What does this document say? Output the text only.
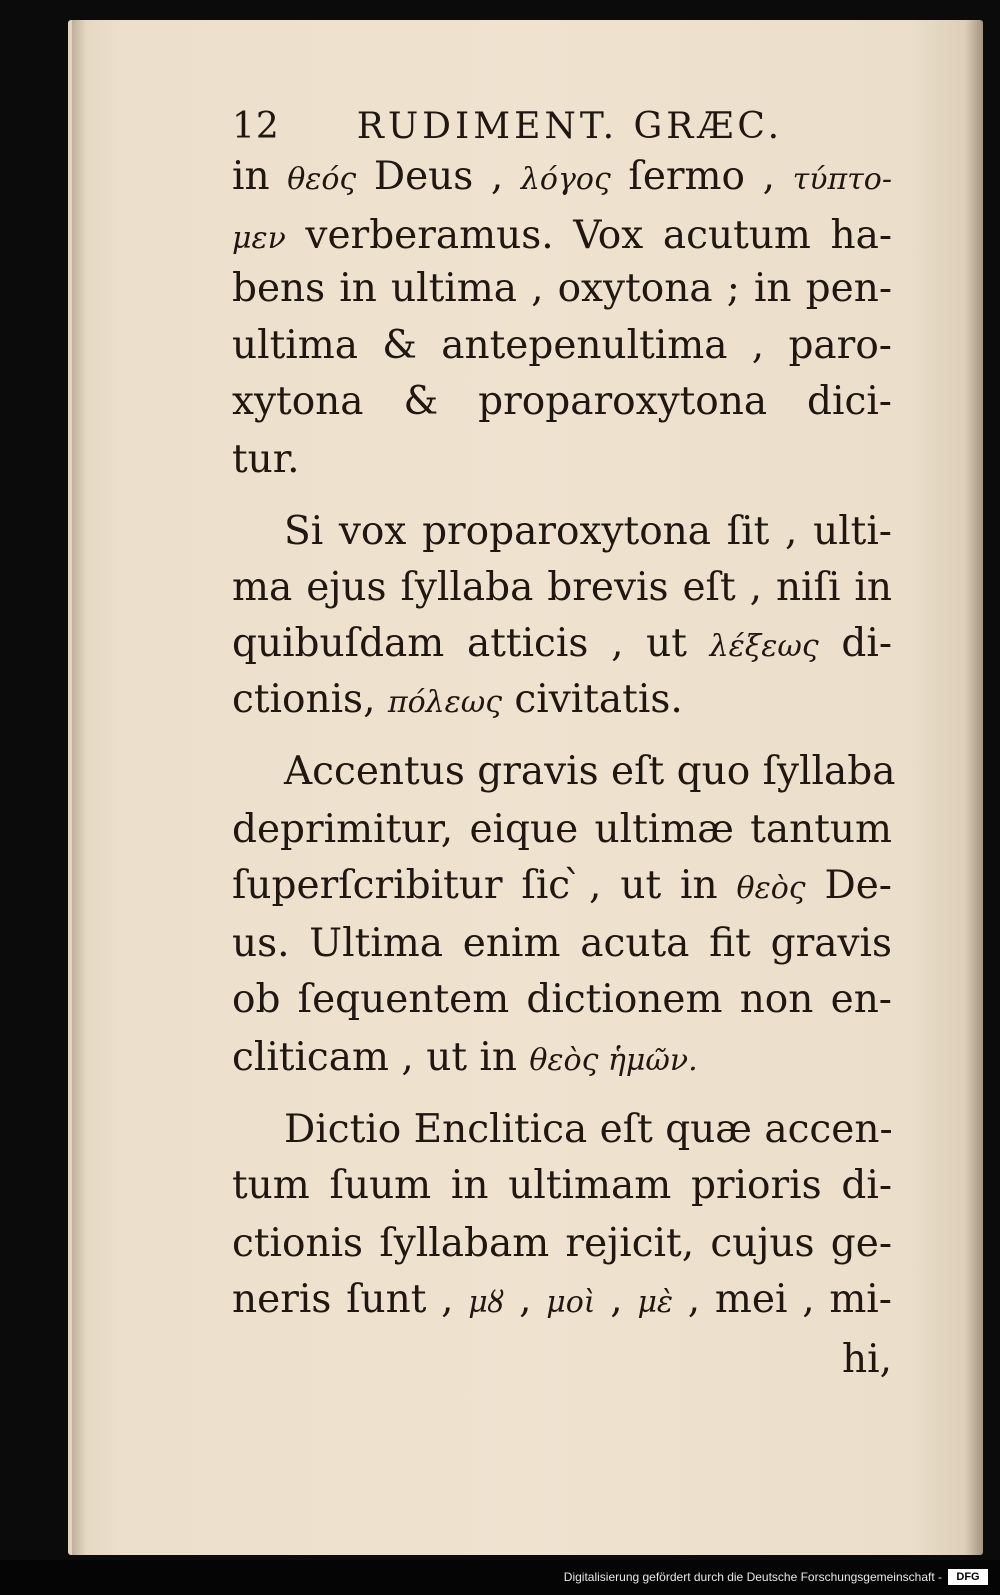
12 RUDIMENT. GRÆC.
in θεός Deus , λόγος ſermo , τύπτο-
μεν verberamus. Vox acutum ha-
bens in ultima , oxytona ; in pen-
ultima & antepenultima , paro-
xytona & proparoxytona dici-
tur.
Si vox proparoxytona ſit , ulti-
ma ejus ſyllaba brevis eſt , niſi in
quibuſdam atticis , ut λέξεως di-
ctionis, πόλεως civitatis.
Accentus gravis eſt quo ſyllaba
deprimitur, eique ultimæ tantum
ſuperſcribitur ſic ̀, ut in θεὸς De-
us. Ultima enim acuta fit gravis
ob ſequentem dictionem non en-
cliticam , ut in θεὸς ἡμῶν.
Dictio Enclitica eſt quæ accen-
tum ſuum in ultimam prioris di-
ctionis ſyllabam rejicit, cujus ge-
neris ſunt , μȣ , μοὶ , μὲ , mei , mi-
hi,
Digitalisierung gefördert durch die Deutsche Forschungsgemeinschaft -	DFG
